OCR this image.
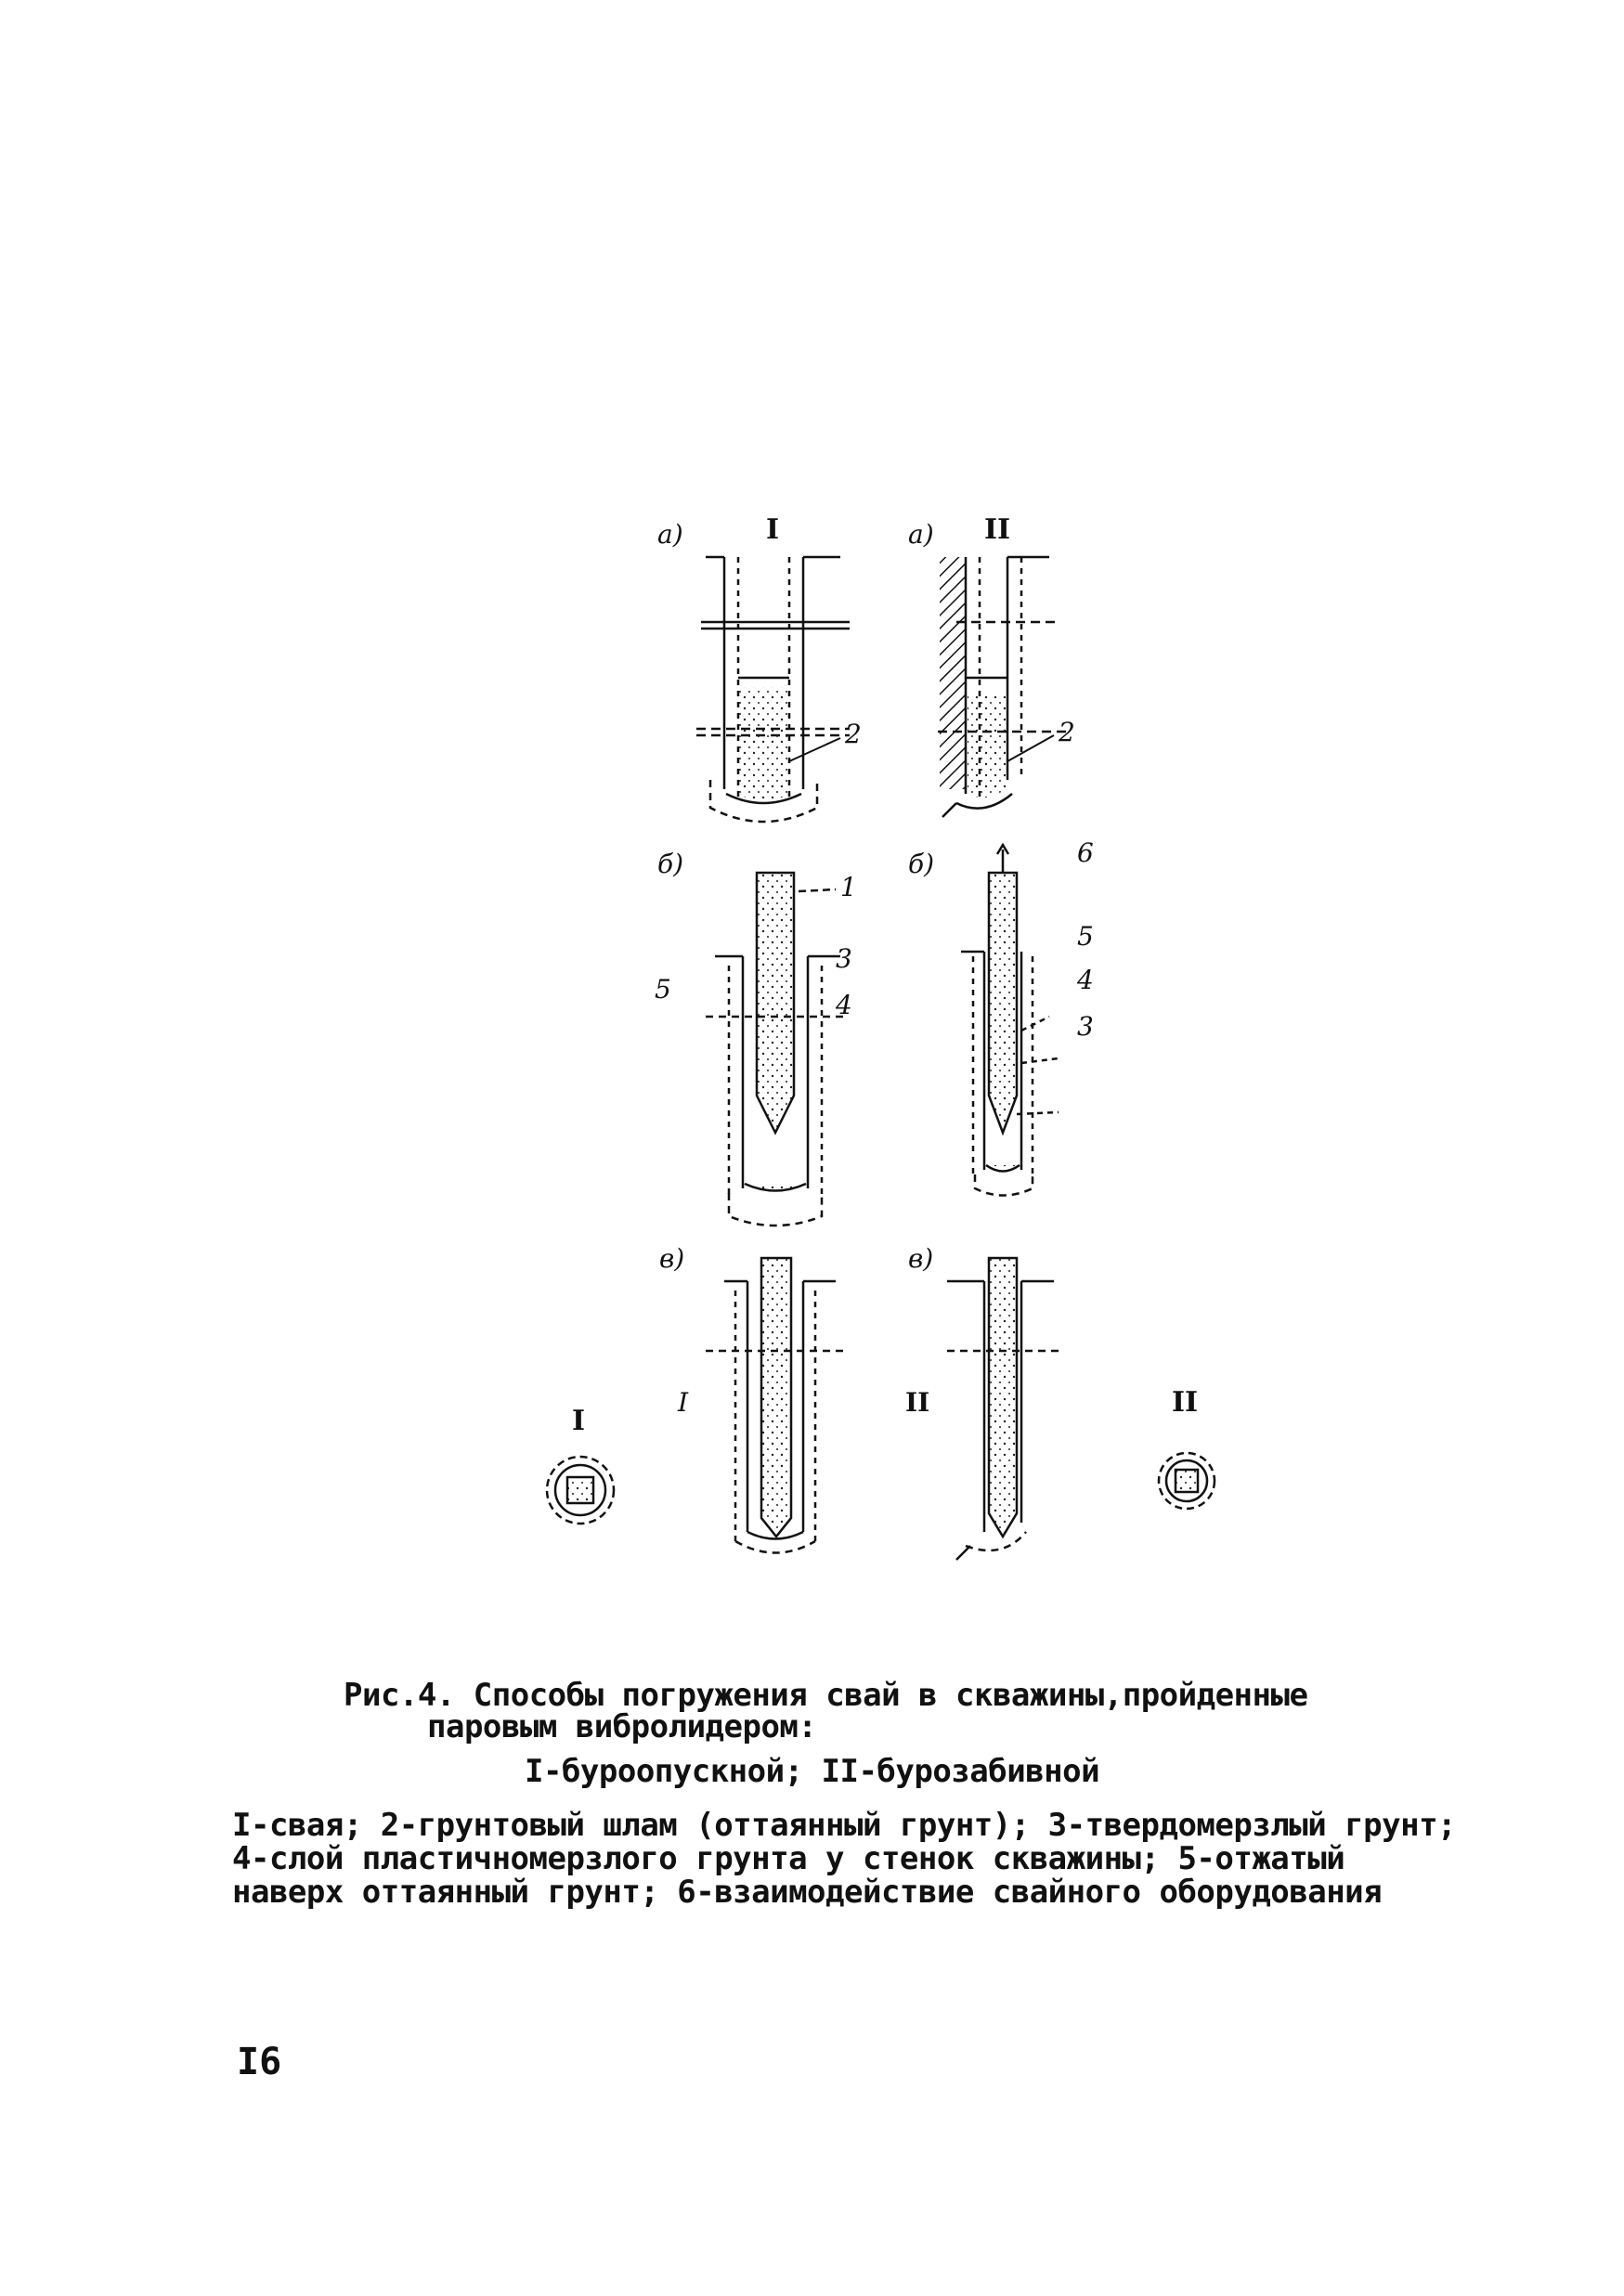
а)	I	а) II
2	2
б)	б)
1
5
3
4
6
5
4
3
в)	в)
I	II
I
II
Рис.4. Способы погружения свай в скважины,пройденные
паровым вибролидером:
I-буроопускной; II-бурозабивной
I-свая; 2-грунтовый шлам (оттаянный грунт); 3-твердомерзлый грунт;
4-слой пластичномерзлого грунта у стенок скважины; 5-отжатый
наверх оттаянный грунт; 6-взаимодействие свайного оборудования
I6
